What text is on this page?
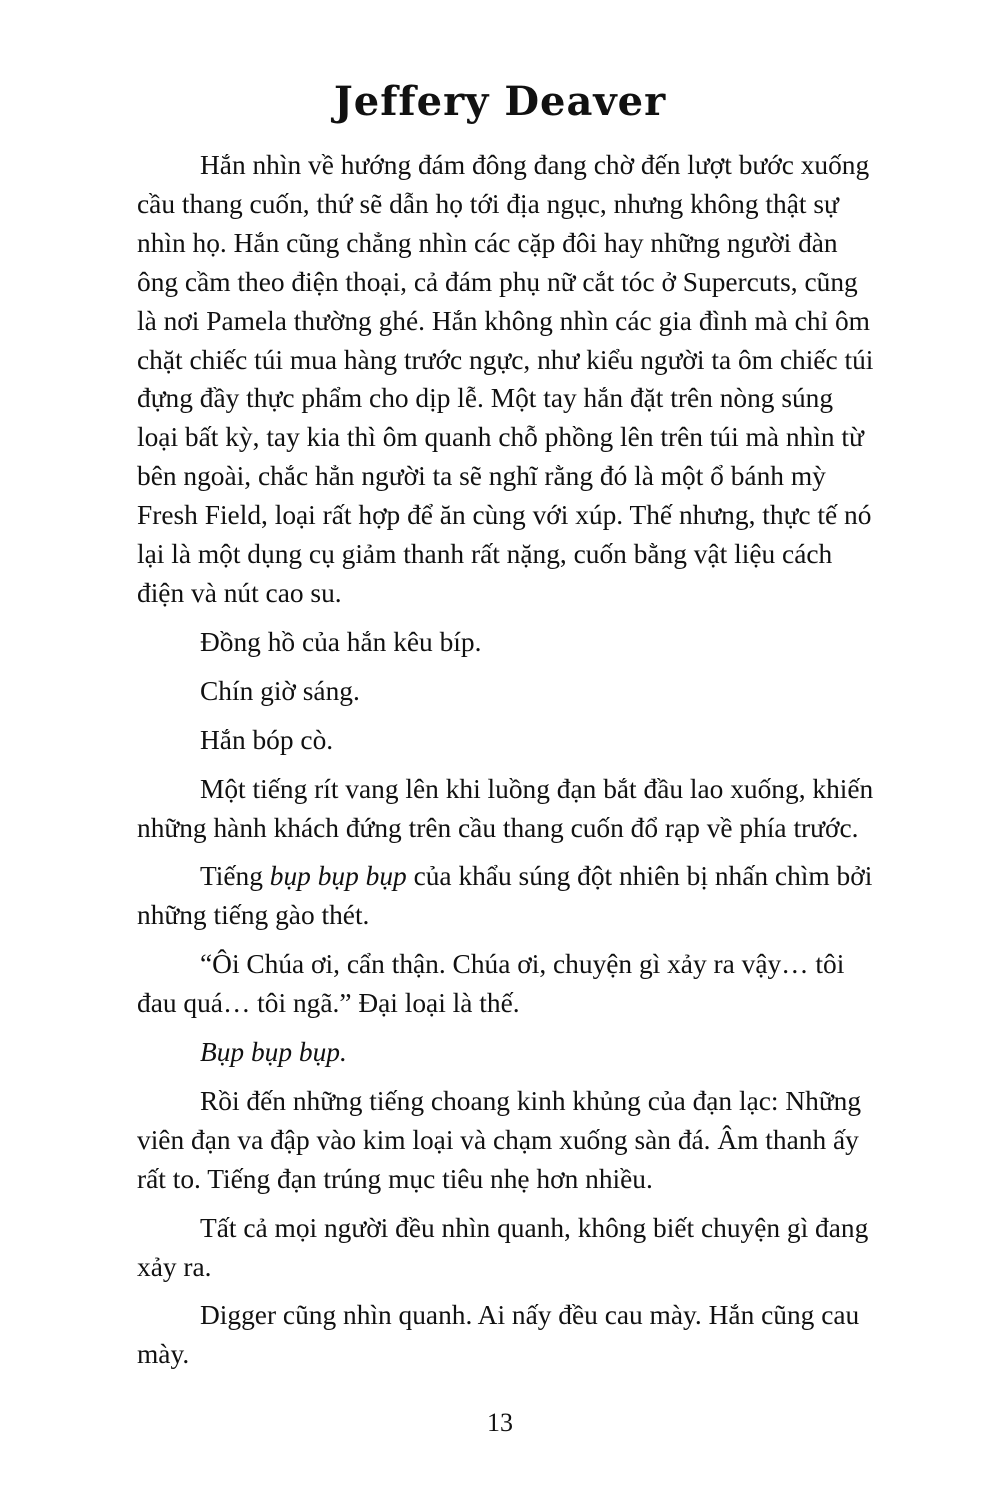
Jeffery Deaver

Hắn nhìn về hướng đám đông đang chờ đến lượt bước xuống cầu thang cuốn, thứ sẽ dẫn họ tới địa ngục, nhưng không thật sự nhìn họ. Hắn cũng chẳng nhìn các cặp đôi hay những người đàn ông cầm theo điện thoại, cả đám phụ nữ cắt tóc ở Supercuts, cũng là nơi Pamela thường ghé. Hắn không nhìn các gia đình mà chỉ ôm chặt chiếc túi mua hàng trước ngực, như kiểu người ta ôm chiếc túi đựng đầy thực phẩm cho dịp lễ. Một tay hắn đặt trên nòng súng loại bất kỳ, tay kia thì ôm quanh chỗ phồng lên trên túi mà nhìn từ bên ngoài, chắc hẳn người ta sẽ nghĩ rằng đó là một ổ bánh mỳ Fresh Field, loại rất hợp để ăn cùng với xúp. Thế nhưng, thực tế nó lại là một dụng cụ giảm thanh rất nặng, cuốn bằng vật liệu cách điện và nút cao su.

Đồng hồ của hắn kêu bíp.

Chín giờ sáng.

Hắn bóp cò.

Một tiếng rít vang lên khi luồng đạn bắt đầu lao xuống, khiến những hành khách đứng trên cầu thang cuốn đổ rạp về phía trước.

Tiếng bụp bụp bụp của khẩu súng đột nhiên bị nhấn chìm bởi những tiếng gào thét.

“Ôi Chúa ơi, cẩn thận. Chúa ơi, chuyện gì xảy ra vậy… tôi đau quá… tôi ngã.” Đại loại là thế.

Bụp bụp bụp.

Rồi đến những tiếng choang kinh khủng của đạn lạc: Những viên đạn va đập vào kim loại và chạm xuống sàn đá. Âm thanh ấy rất to. Tiếng đạn trúng mục tiêu nhẹ hơn nhiều.

Tất cả mọi người đều nhìn quanh, không biết chuyện gì đang xảy ra.

Digger cũng nhìn quanh. Ai nấy đều cau mày. Hắn cũng cau mày.

13
